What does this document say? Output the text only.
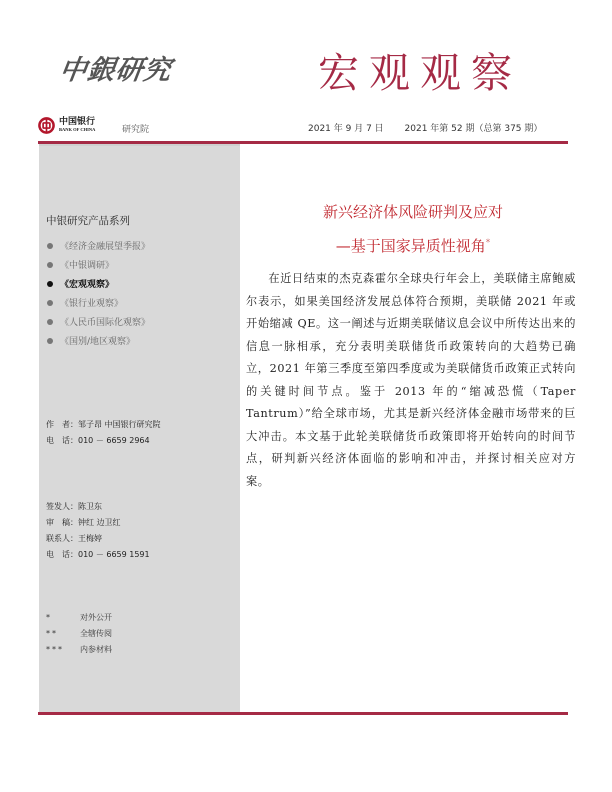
中銀研究	宏观观察
中国银行
BANK OF CHINA	研究院	2021 年 9 月 7 日 2021 年第 52 期（总第 375 期）
中银研究产品系列
《经济金融展望季报》
《中银调研》
《宏观观察》
《银行业观察》
《人民币国际化观察》
《国别/地区观察》
作　者： 邹子昂 中国银行研究院
电　话： 010 － 6659 2964
签发人： 陈卫东
审　稿： 钟红 边卫红
联系人： 王梅婷
电　话： 010 － 6659 1591
*	对外公开
**	全辖传阅
***	内参材料
新兴经济体风险研判及应对
—基于国家异质性视角*

在近日结束的杰克森霍尔全球央行年会上，美联储主席鲍威尔表示，如果美国经济发展总体符合预期，美联储 2021 年或开始缩减 QE。这一阐述与近期美联储议息会议中所传达出来的信息一脉相承，充分表明美联储货币政策转向的大趋势已确立，2021 年第三季度至第四季度或为美联储货币政策正式转向的关键时间节点。鉴于 2013 年的“缩减恐慌（Taper Tantrum）”给全球市场，尤其是新兴经济体金融市场带来的巨大冲击。本文基于此轮美联储货币政策即将开始转向的时间节点，研判新兴经济体面临的影响和冲击，并探讨相关应对方案。
